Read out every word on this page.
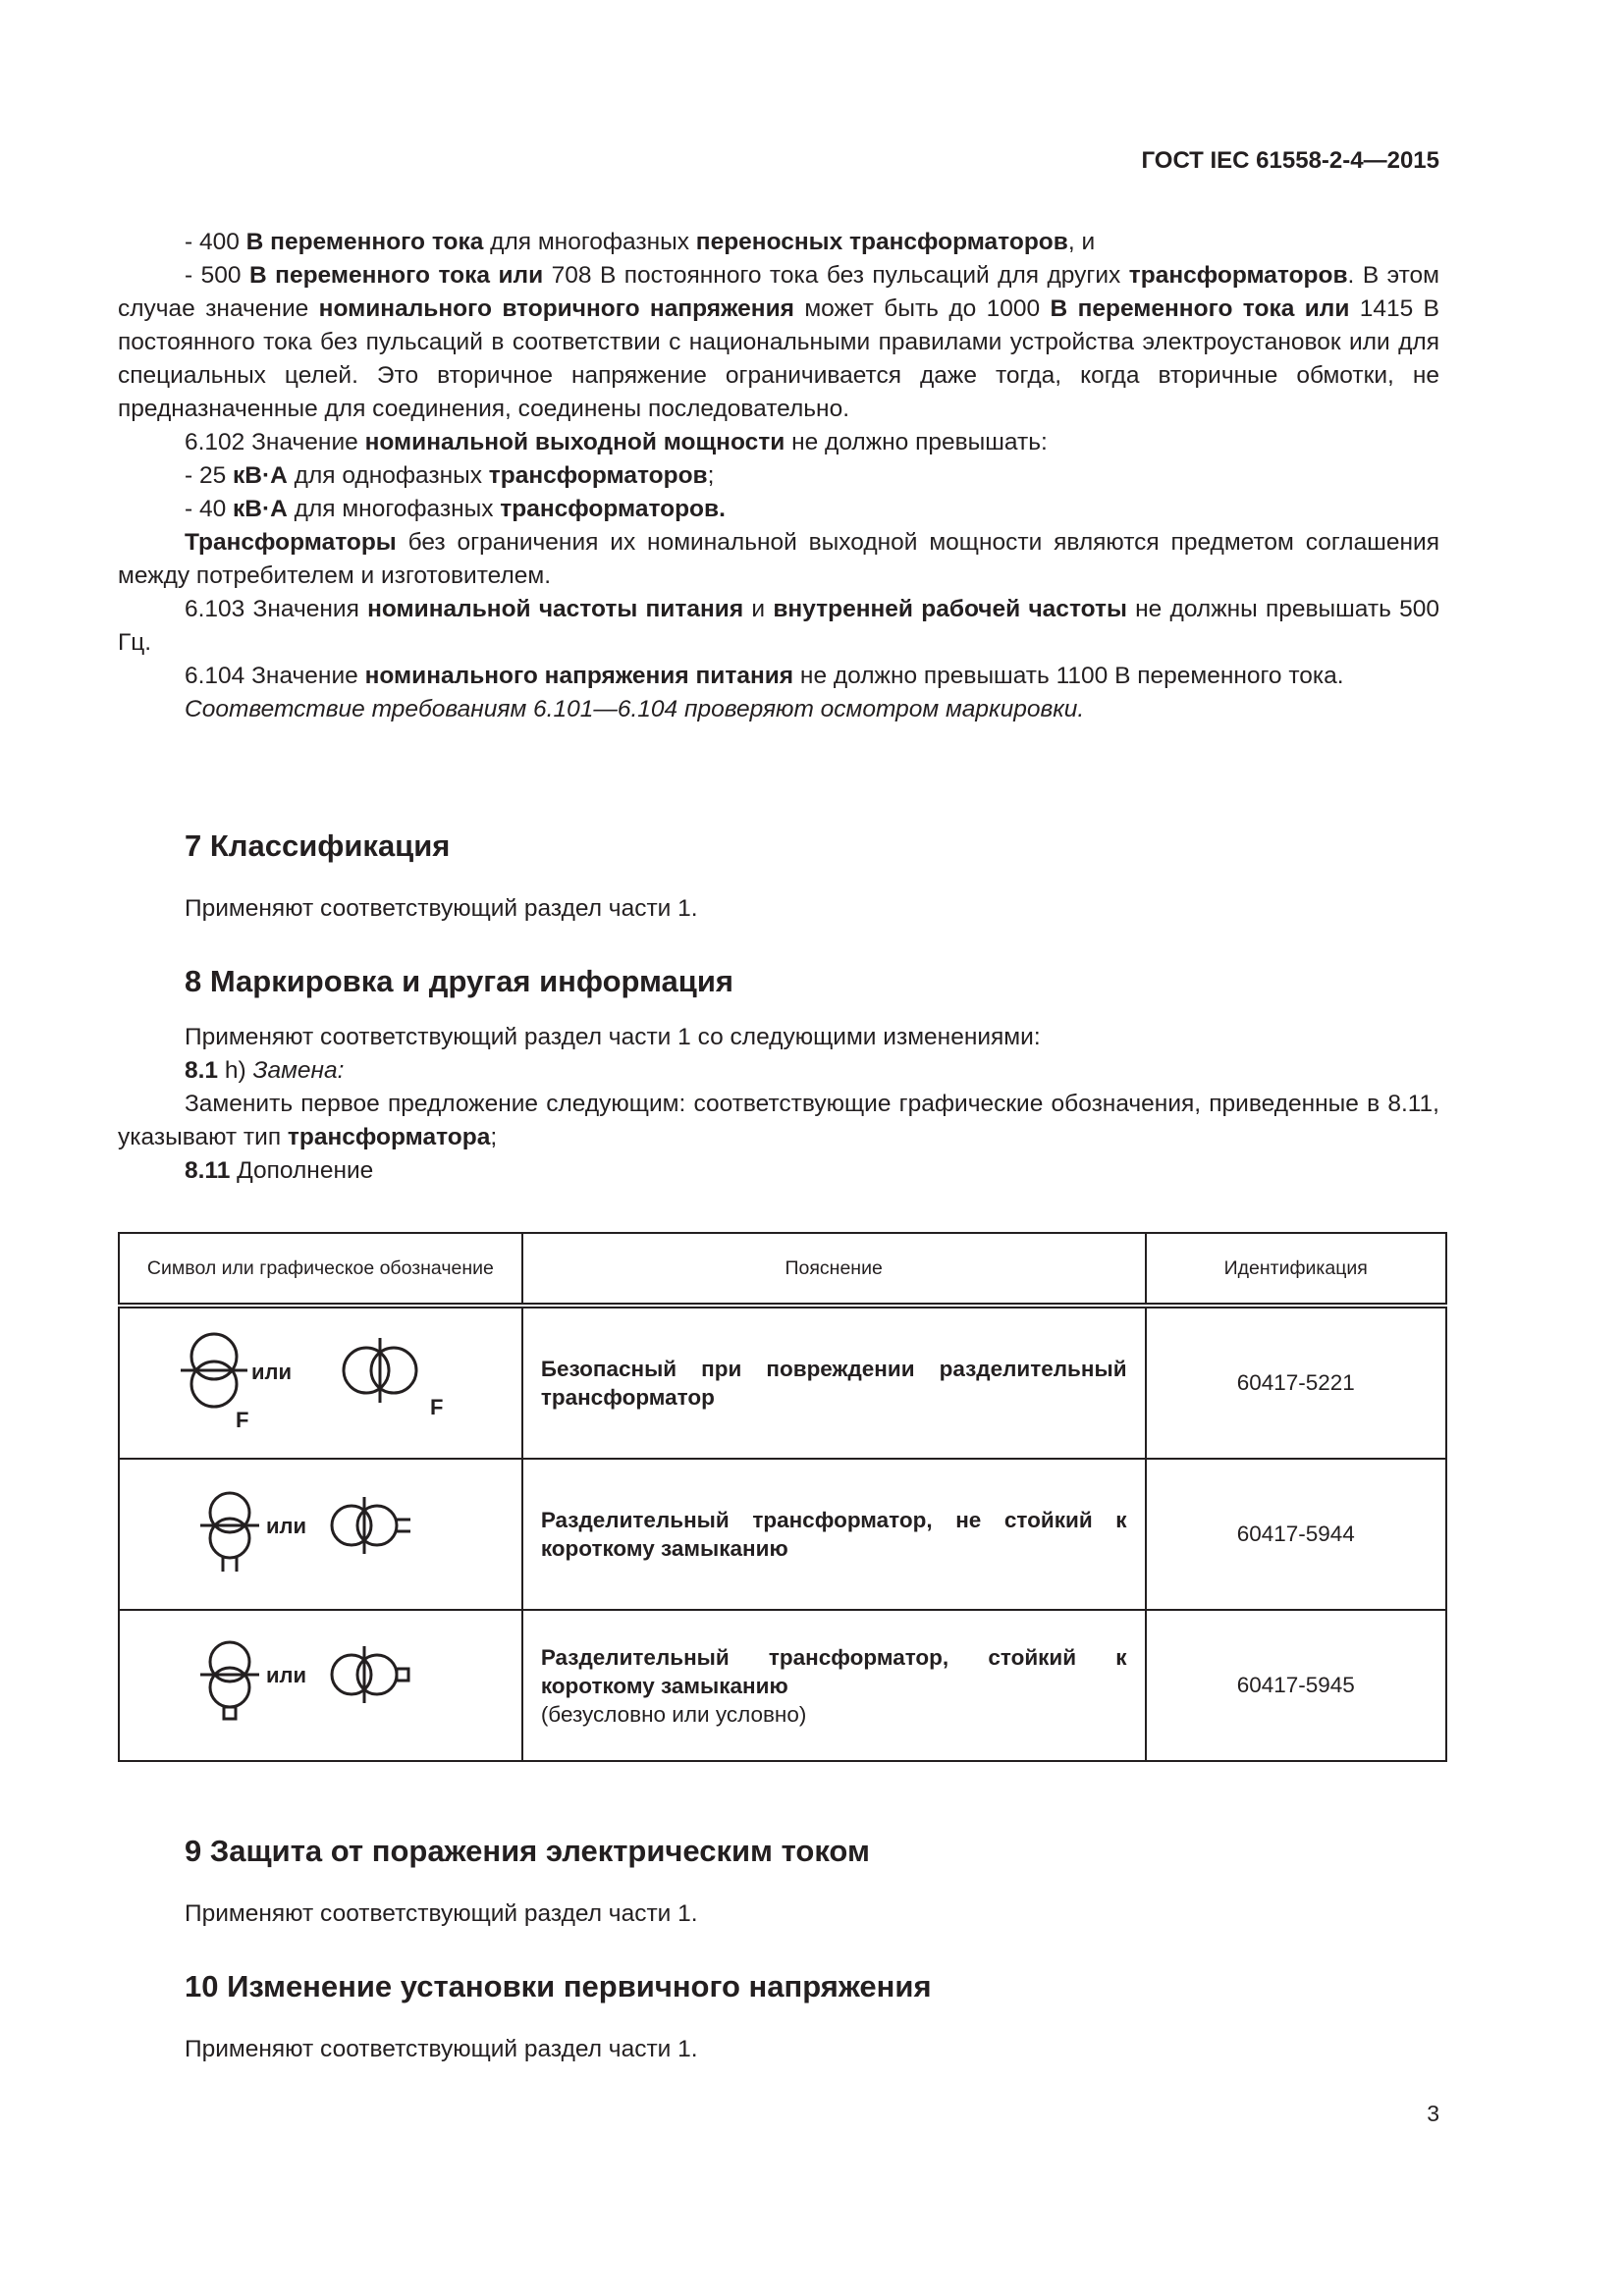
ГОСТ IEC 61558-2-4—2015

- 400 В переменного тока для многофазных переносных трансформаторов, и

- 500 В переменного тока или 708 В постоянного тока без пульсаций для других трансформаторов. В этом случае значение номинального вторичного напряжения может быть до 1000 В переменного тока или 1415 В постоянного тока без пульсаций в соответствии с национальными правилами устройства электроустановок или для специальных целей. Это вторичное напряжение ограничивается даже тогда, когда вторичные обмотки, не предназначенные для соединения, соединены последовательно.

6.102 Значение номинальной выходной мощности не должно превышать:

- 25 кВ·А для однофазных трансформаторов;

- 40 кВ·А для многофазных трансформаторов.

Трансформаторы без ограничения их номинальной выходной мощности являются предметом соглашения между потребителем и изготовителем.

6.103 Значения номинальной частоты питания и внутренней рабочей частоты не должны превышать 500 Гц.

6.104 Значение номинального напряжения питания не должно превышать 1100 В переменного тока.

Соответствие требованиям 6.101—6.104 проверяют осмотром маркировки.

7 Классификация
Применяют соответствующий раздел части 1.
8 Маркировка и другая информация

Применяют соответствующий раздел части 1 со следующими изменениями:

8.1 h) Замена:

Заменить первое предложение следующим: соответствующие графические обозначения, приведенные в 8.11, указывают тип трансформатора;

8.11 Дополнение

Символ или графическое обозначение	Пояснение	Идентификация

или
F
F	Безопасный при повреждении разделительный трансформатор	60417-5221

или	Разделительный трансформатор, не стойкий к короткому замыканию	60417-5944

или	Разделительный трансформатор, стойкий к короткому замыканию
(безусловно или условно)	60417-5945
9 Защита от поражения электрическим током
Применяют соответствующий раздел части 1.
10 Изменение установки первичного напряжения
Применяют соответствующий раздел части 1.
3
